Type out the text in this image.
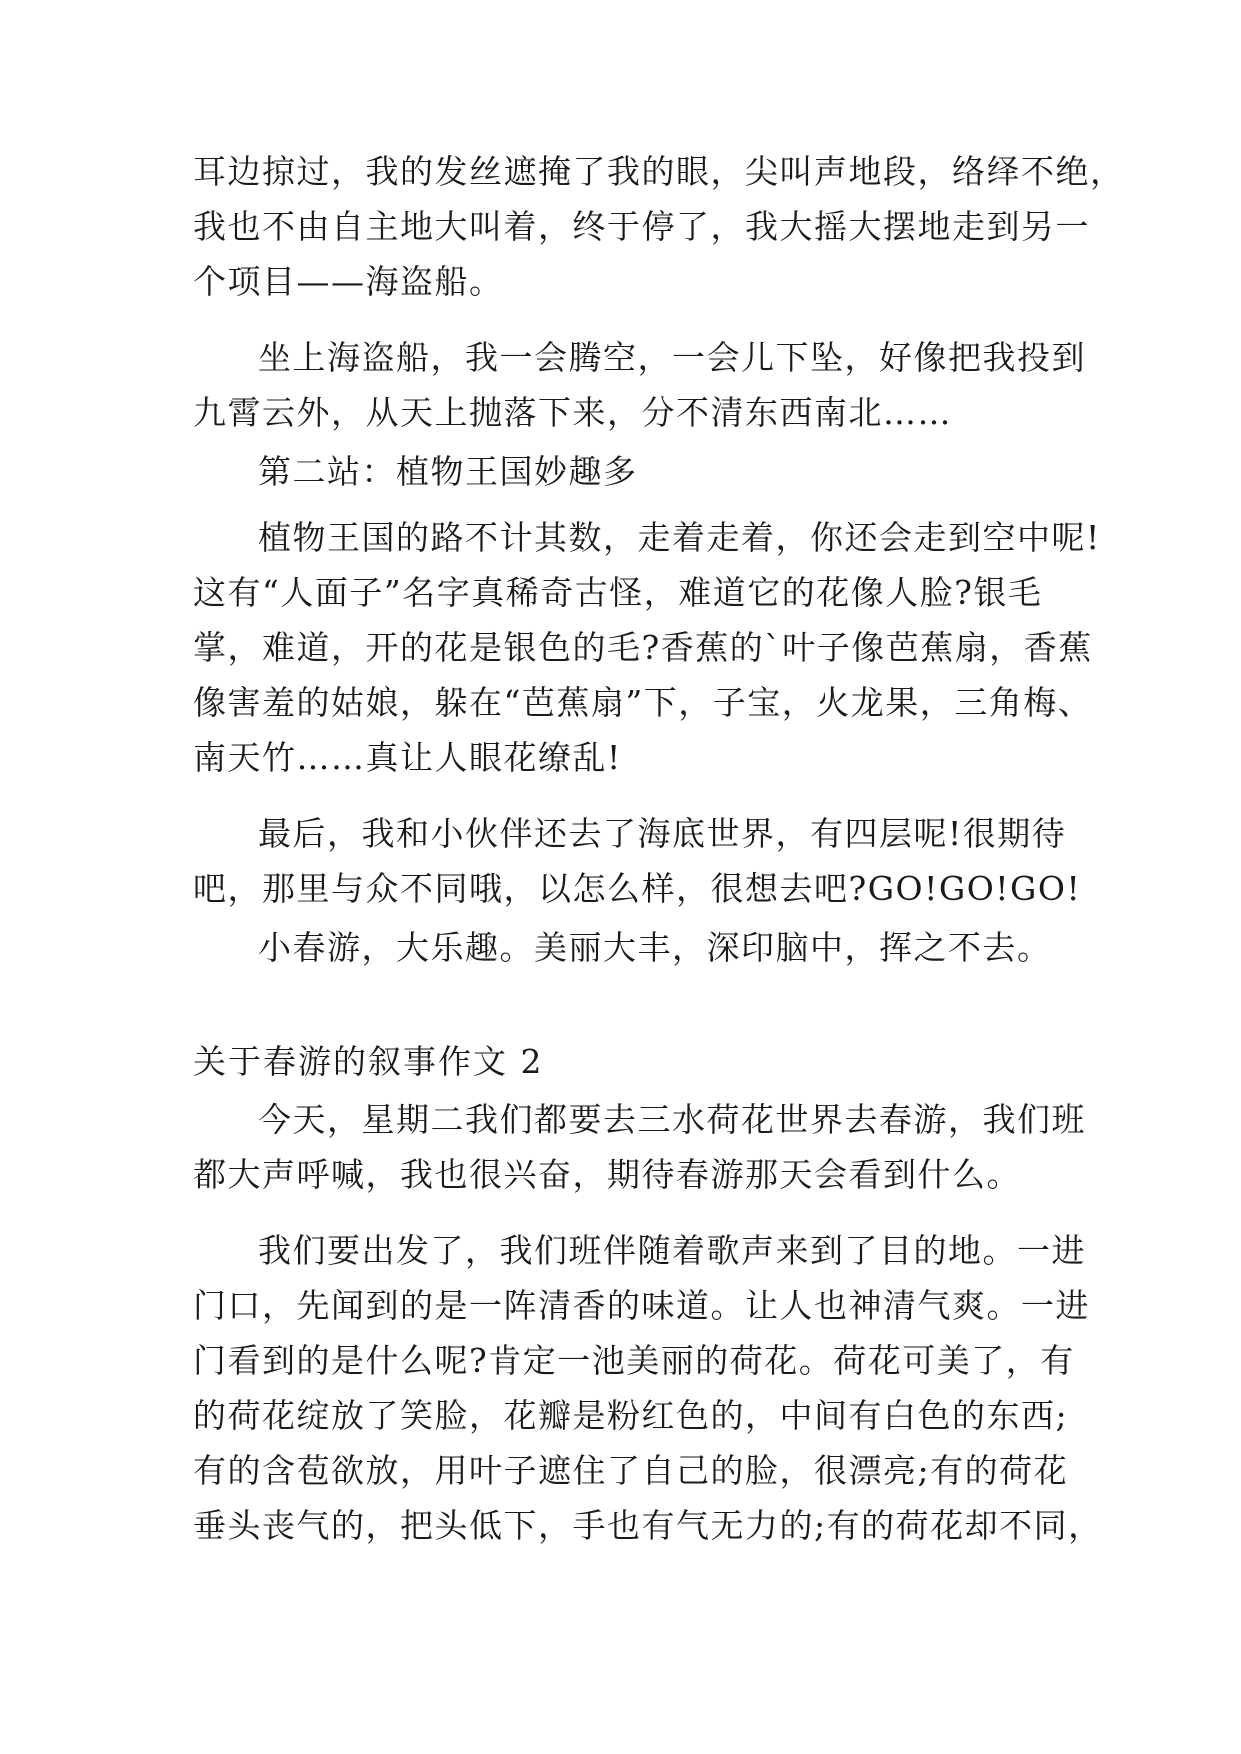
耳边掠过，我的发丝遮掩了我的眼，尖叫声地段，络绎不绝，
我也不由自主地大叫着，终于停了，我大摇大摆地走到另一
个项目——海盗船。
坐上海盗船，我一会腾空，一会儿下坠，好像把我投到
九霄云外，从天上抛落下来，分不清东西南北……
第二站：植物王国妙趣多
植物王国的路不计其数，走着走着，你还会走到空中呢!
这有“人面子”名字真稀奇古怪，难道它的花像人脸?银毛
掌，难道，开的花是银色的毛?香蕉的`叶子像芭蕉扇，香蕉
像害羞的姑娘，躲在“芭蕉扇”下，子宝，火龙果，三角梅、
南天竹……真让人眼花缭乱!
最后，我和小伙伴还去了海底世界，有四层呢!很期待
吧，那里与众不同哦，以怎么样，很想去吧?GO!GO!GO!
小春游，大乐趣。美丽大丰，深印脑中，挥之不去。
关于春游的叙事作文 2
今天，星期二我们都要去三水荷花世界去春游，我们班
都大声呼喊，我也很兴奋，期待春游那天会看到什么。
我们要出发了，我们班伴随着歌声来到了目的地。一进
门口，先闻到的是一阵清香的味道。让人也神清气爽。一进
门看到的是什么呢?肯定一池美丽的荷花。荷花可美了，有
的荷花绽放了笑脸，花瓣是粉红色的，中间有白色的东西;
有的含苞欲放，用叶子遮住了自己的脸，很漂亮;有的荷花
垂头丧气的，把头低下，手也有气无力的;有的荷花却不同，
